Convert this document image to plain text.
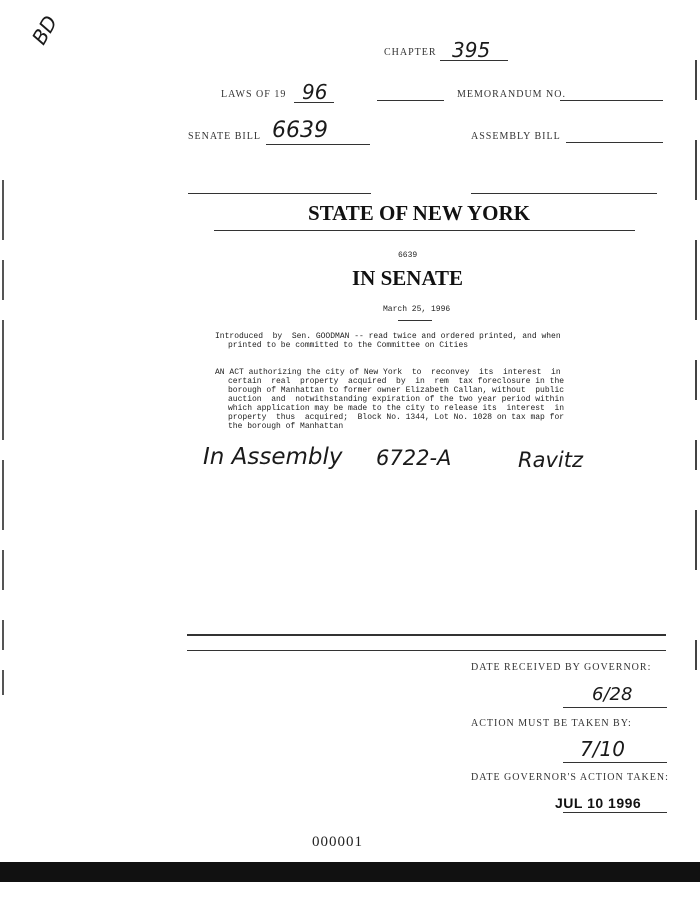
BD
CHAPTER 395
LAWS OF 19 96	MEMORANDUM NO.
SENATE BILL 6639	ASSEMBLY BILL
STATE OF NEW YORK
6639
IN SENATE
March 25, 1996
Introduced  by  Sen. GOODMAN -- read twice and ordered printed, and when
printed to be committed to the Committee on Cities
AN ACT authorizing the city of New York  to  reconvey  its  interest  in
certain  real  property  acquired  by  in  rem  tax foreclosure in the
borough of Manhattan to former owner Elizabeth Callan, without  public
auction  and  notwithstanding expiration of the two year period within
which application may be made to the city to release its  interest  in
property  thus  acquired;  Block No. 1344, Lot No. 1028 on tax map for
the borough of Manhattan
In Assembly 6722-A	Ravitz
DATE RECEIVED BY GOVERNOR:
6/28
ACTION MUST BE TAKEN BY:
7/10
DATE GOVERNOR'S ACTION TAKEN:
JUL 10 1996
000001
